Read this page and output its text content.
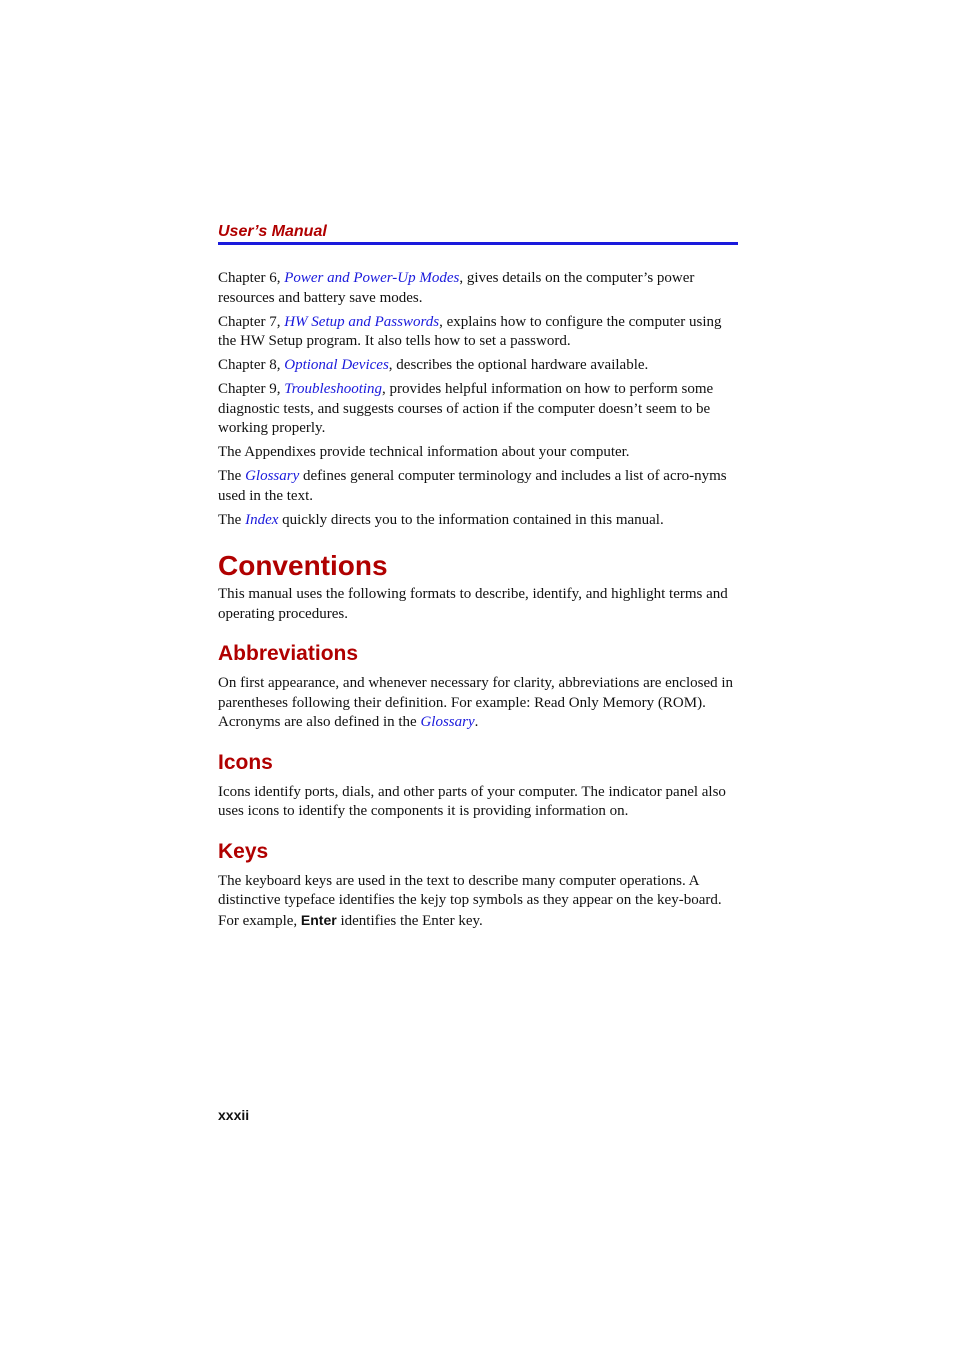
User’s Manual

Chapter 6, Power and Power-Up Modes, gives details on the computer’s power resources and battery save modes.

Chapter 7, HW Setup and Passwords, explains how to configure the computer using the HW Setup program. It also tells how to set a password.

Chapter 8, Optional Devices, describes the optional hardware available.

Chapter 9, Troubleshooting, provides helpful information on how to perform some diagnostic tests, and suggests courses of action if the computer doesn’t seem to be working properly.

The Appendixes provide technical information about your computer.

The Glossary defines general computer terminology and includes a list of acro-nyms used in the text.

The Index quickly directs you to the information contained in this manual.

Conventions

This manual uses the following formats to describe, identify, and highlight terms and operating procedures.

Abbreviations

On first appearance, and whenever necessary for clarity, abbreviations are enclosed in parentheses following their definition. For example: Read Only Memory (ROM). Acronyms are also defined in the Glossary.

Icons

Icons identify ports, dials, and other parts of your computer. The indicator panel also uses icons to identify the components it is providing information on.

Keys

The keyboard keys are used in the text to describe many computer operations. A distinctive typeface identifies the kejy top symbols as they appear on the key-board. For example, Enter identifies the Enter key.

xxxii
